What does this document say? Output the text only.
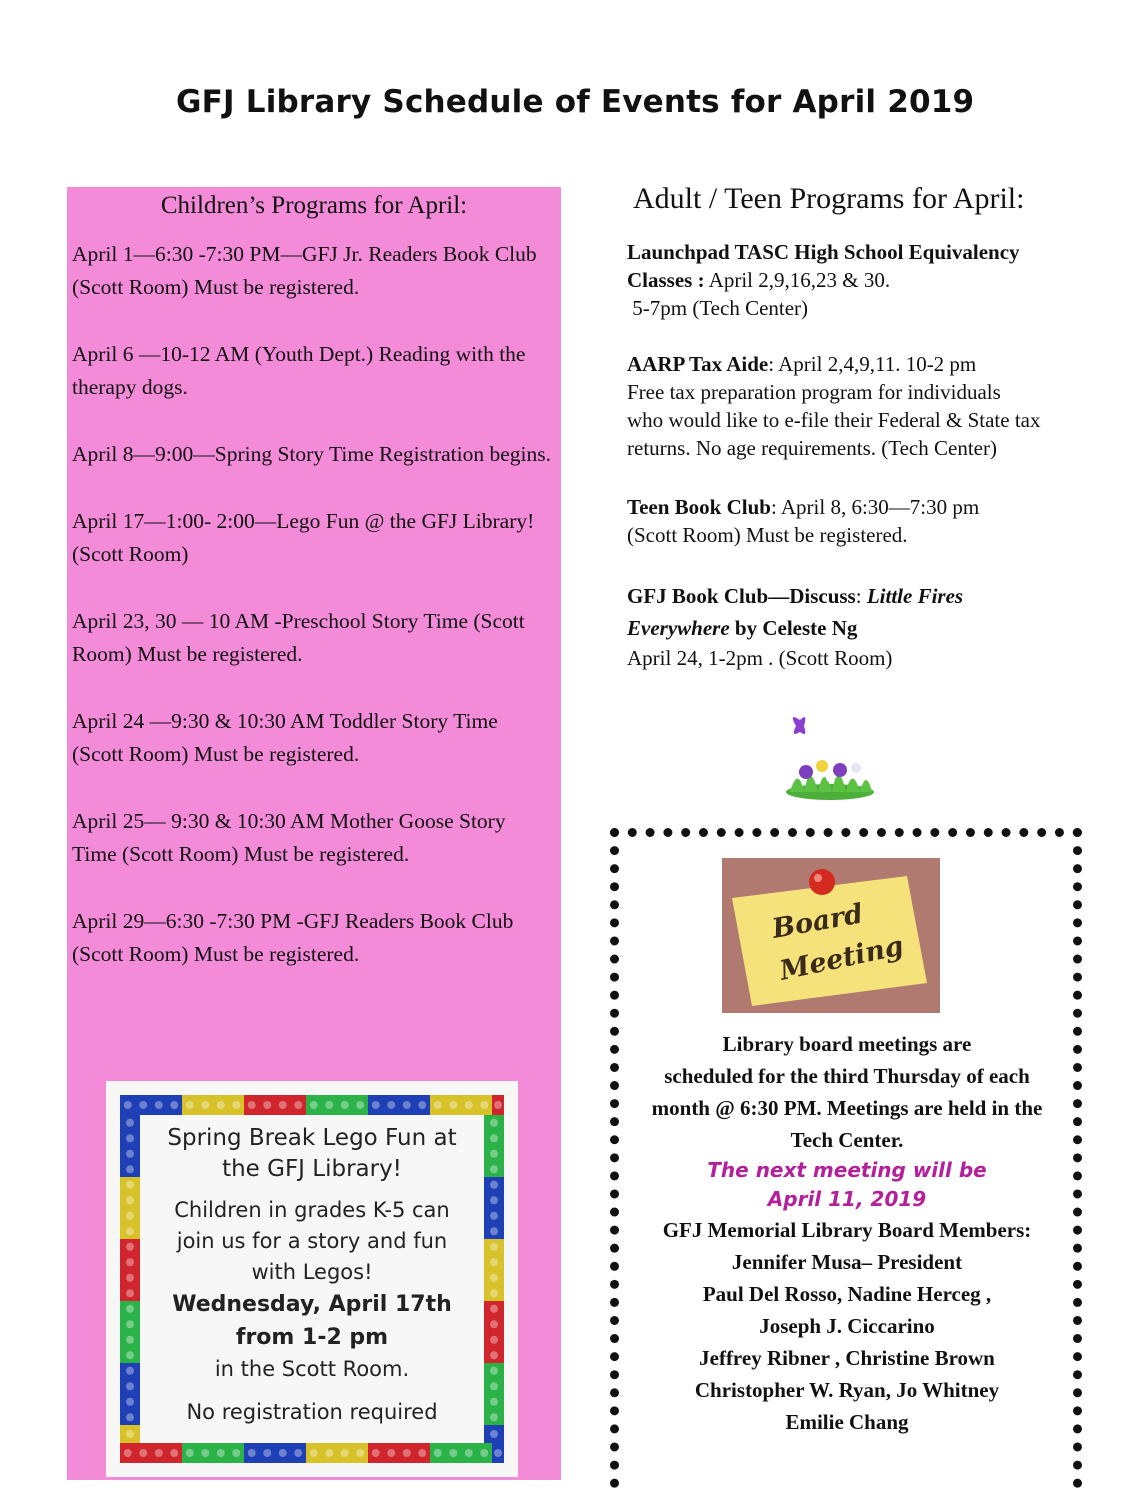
GFJ Library Schedule of Events for April 2019
Children’s Programs for April:
April 1—6:30 -7:30 PM—GFJ Jr. Readers Book Club
(Scott Room) Must be registered.
April 6 —10-12 AM (Youth Dept.) Reading with the
therapy dogs.
April 8—9:00—Spring Story Time Registration begins.
April 17—1:00- 2:00—Lego Fun @ the GFJ Library!
(Scott Room)
April 23, 30 — 10 AM -Preschool Story Time (Scott
Room) Must be registered.
April 24 —9:30 & 10:30 AM Toddler Story Time
(Scott Room) Must be registered.
April 25— 9:30 & 10:30 AM Mother Goose Story
Time (Scott Room) Must be registered.
April 29—6:30 -7:30 PM -GFJ Readers Book Club
(Scott Room) Must be registered.
Spring Break Lego Fun at
the GFJ Library!
Children in grades K-5 can
join us for a story and fun
with Legos!
Wednesday, April 17th
from 1-2 pm
in the Scott Room.
No registration required
Adult / Teen Programs for April:
Launchpad TASC High School Equivalency
Classes : April 2,9,16,23 & 30.
5-7pm (Tech Center)
AARP Tax Aide: April 2,4,9,11. 10-2 pm
Free tax preparation program for individuals
who would like to e-file their Federal & State tax
returns. No age requirements. (Tech Center)
Teen Book Club: April 8, 6:30—7:30 pm
(Scott Room) Must be registered.
GFJ Book Club—Discuss: Little Fires
Everywhere by Celeste Ng
April 24, 1-2pm . (Scott Room)
Board
Meeting
Library board meetings are
scheduled for the third Thursday of each
month @ 6:30 PM. Meetings are held in the
Tech Center.
The next meeting will be
April 11, 2019
GFJ Memorial Library Board Members:
Jennifer Musa– President
Paul Del Rosso, Nadine Herceg ,
Joseph J. Ciccarino
Jeffrey Ribner , Christine Brown
Christopher W. Ryan, Jo Whitney
Emilie Chang
